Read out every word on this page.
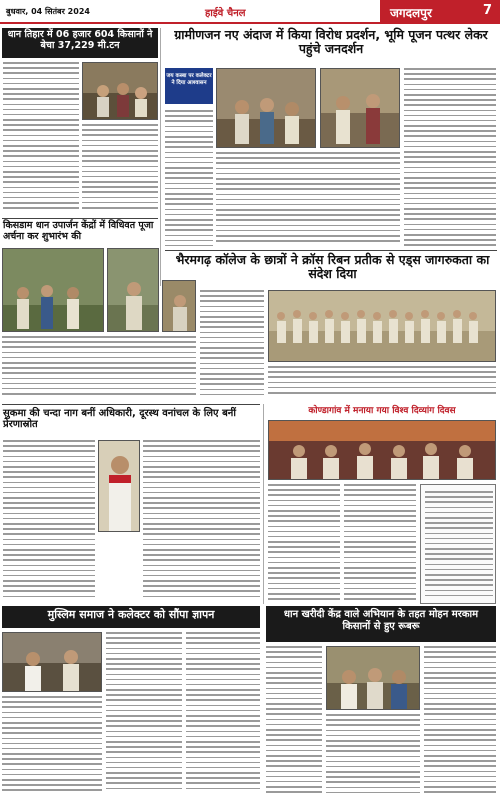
बुधवार, 04 सितंबर 2024	हाईवे चैनल	जगदलपुर	7
धान तिहार में 06 हजार 604 किसानों ने बेचा 37,229 मी.टन
किसडाम धान उपार्जन केंद्रों में विधिवत पूजा अर्चना कर शुभारंभ की
ग्रामीणजन नए अंदाज में किया विरोध प्रदर्शन, भूमि पूजन पत्थर लेकर पहुंचे जनदर्शन
जय कस्बा पर कलेक्टर ने दिया आश्वासन
भैरमगढ़ कॉलेज के छात्रों ने क्रॉस रिबन प्रतीक से एड्स जागरुकता का संदेश दिया
सुकमा की चन्दा नाग बनीं अधिकारी, दूरस्थ वनांचल के लिए बनीं प्रेरणास्रोत
कोण्डागांव में मनाया गया विश्व दिव्यांग दिवस
मुस्लिम समाज ने कलेक्टर को सौंपा ज्ञापन	धान खरीदी केंद्र वाले अभियान के तहत मोहन मरकाम किसानों से हुए रूबरू
